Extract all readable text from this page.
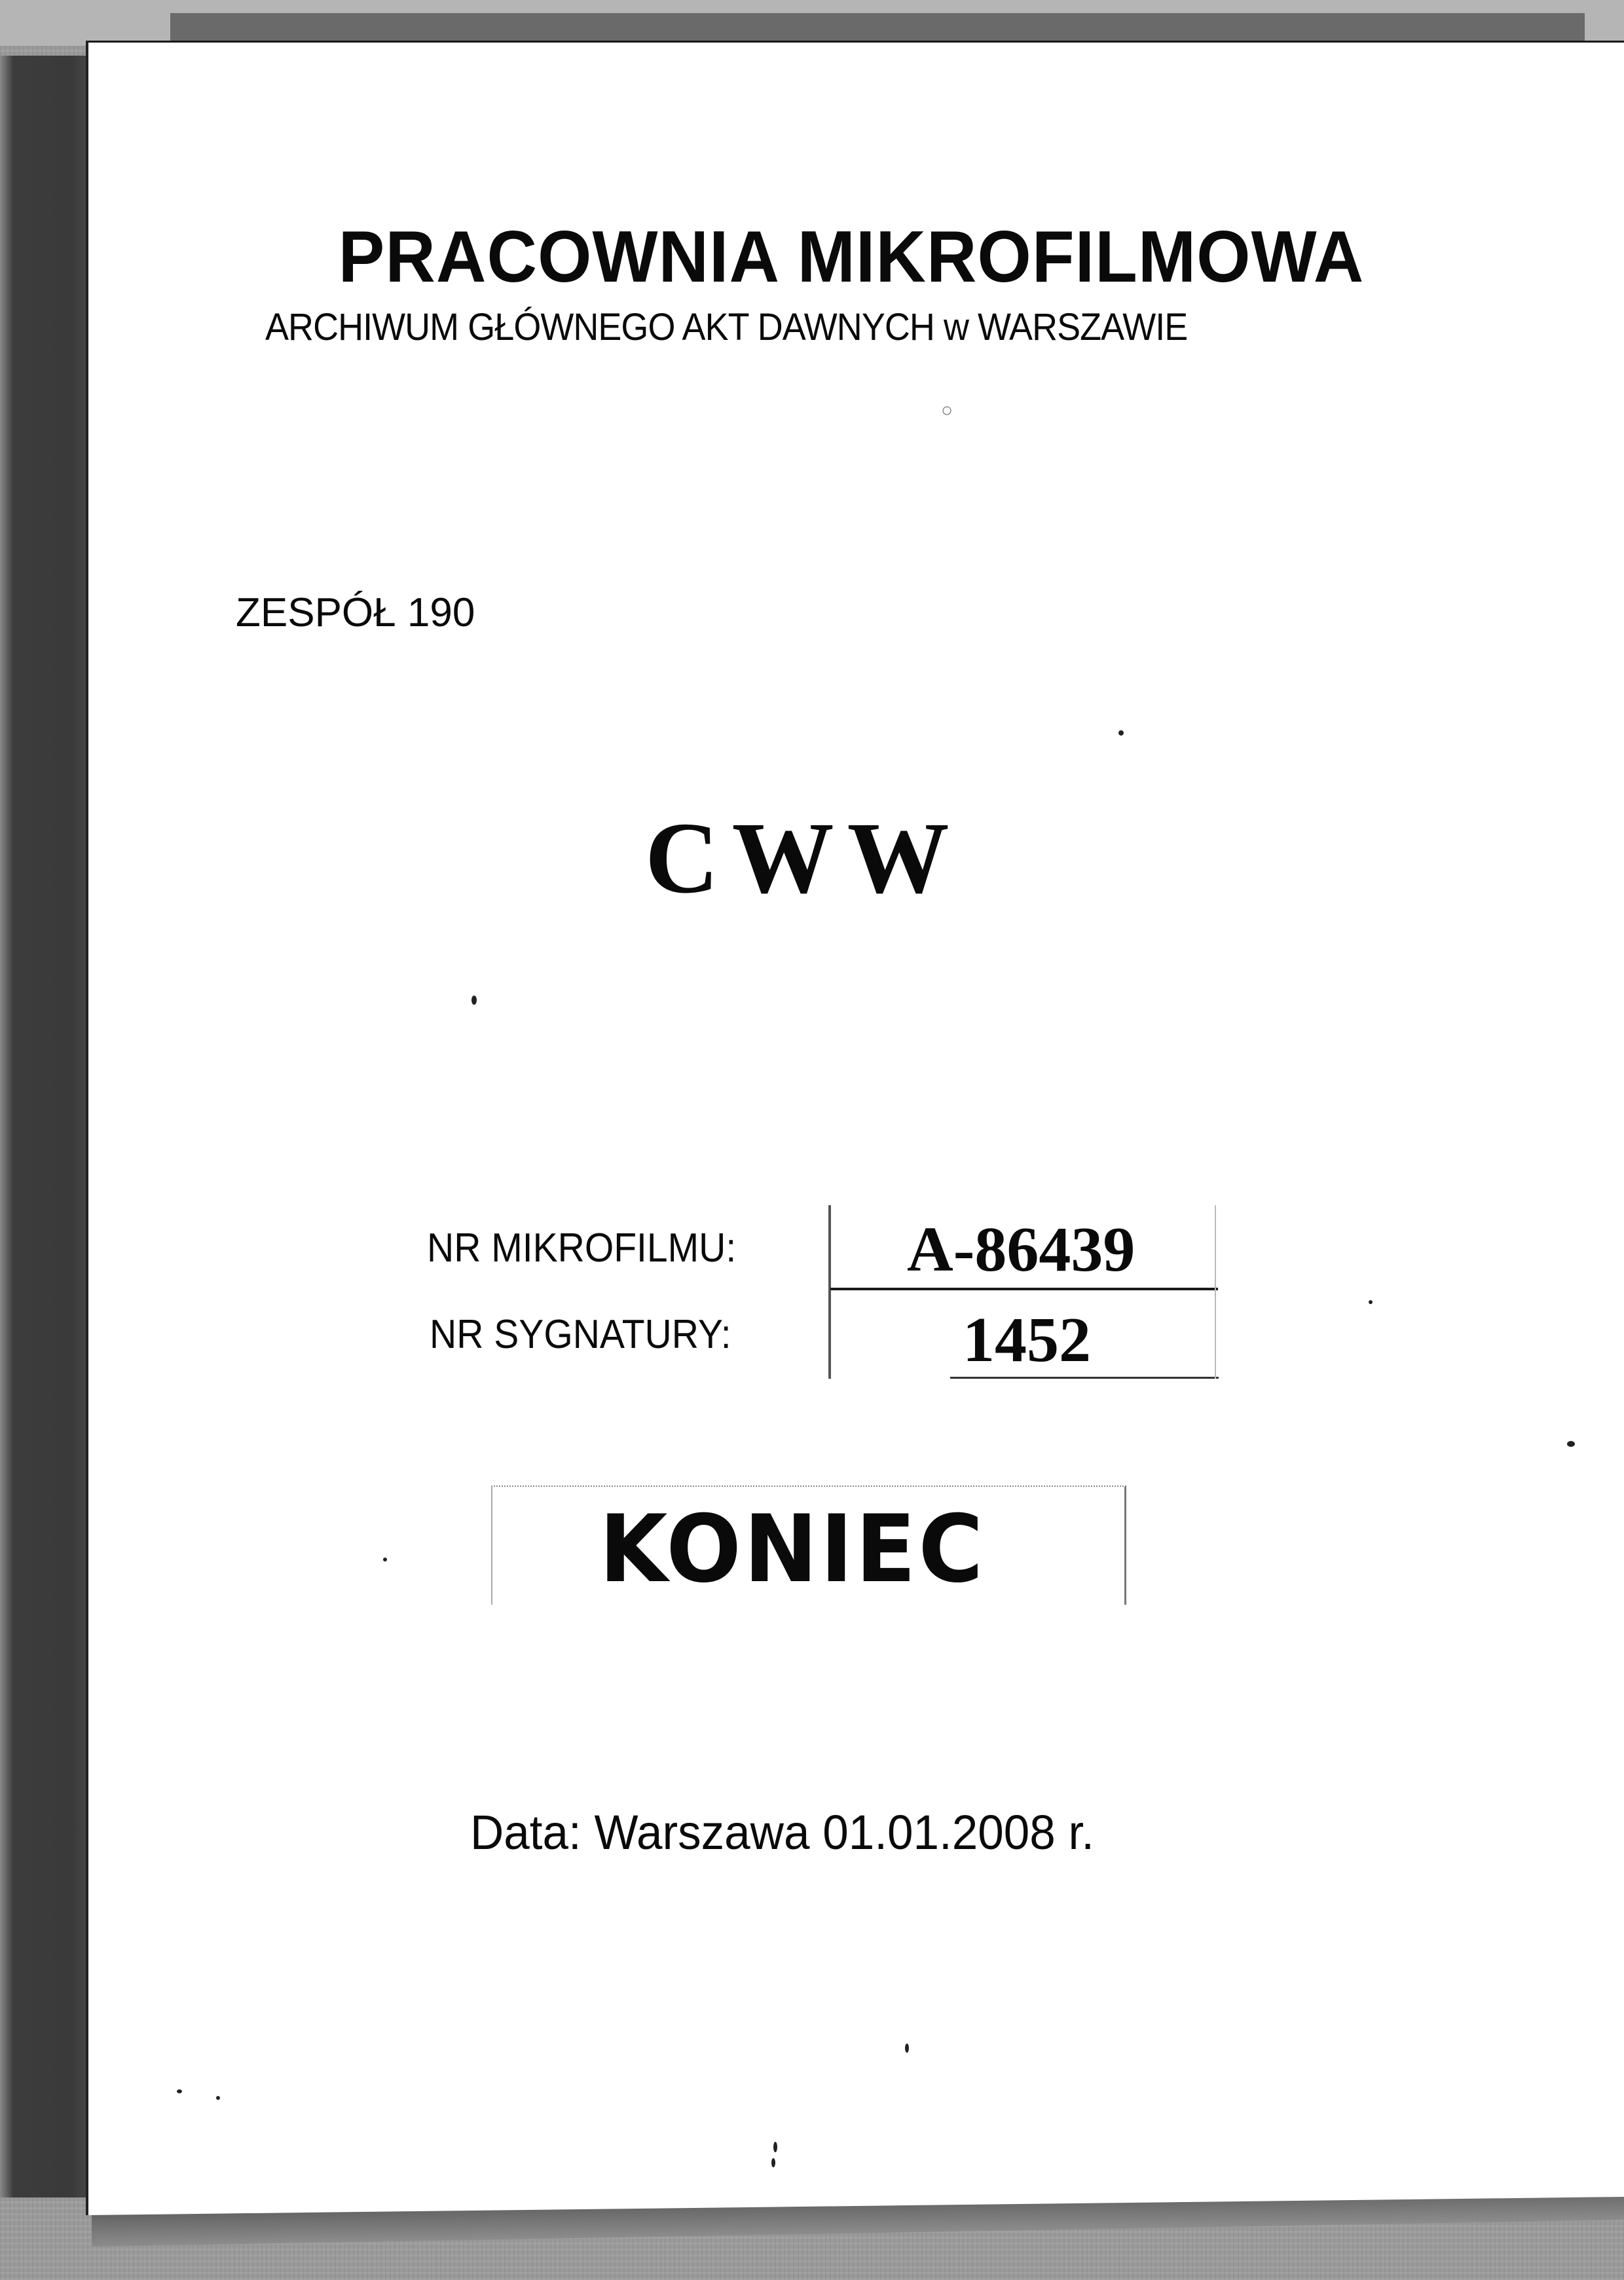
PRACOWNIA MIKROFILMOWA
ARCHIWUM GŁÓWNEGO AKT DAWNYCH w WARSZAWIE
○
ZESPÓŁ 190
CWW
NR MIKROFILMU:
NR SYGNATURY:
A-86439
1452
KONIEC
Data: Warszawa 01.01.2008 r.
